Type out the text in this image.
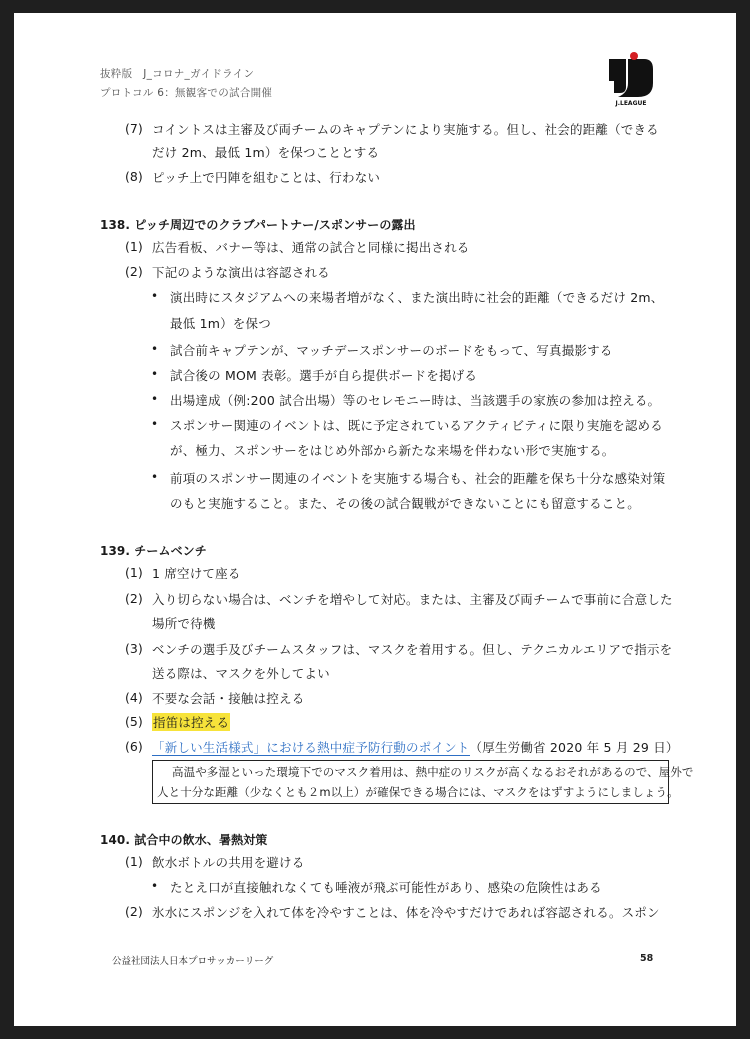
抜粋版　J_コロナ_ガイドライン
プロトコル 6：無観客での試合開催
J.LEAGUE
(7) コイントスは主審及び両チームのキャプテンにより実施する。但し、社会的距離（できる
だけ 2m、最低 1m）を保つこととする
(8) ピッチ上で円陣を組むことは、行わない
138. ピッチ周辺でのクラブパートナー/スポンサーの露出
(1) 広告看板、バナー等は、通常の試合と同様に掲出される
(2) 下記のような演出は容認される
• 演出時にスタジアムへの来場者増がなく、また演出時に社会的距離（できるだけ 2m、
最低 1m）を保つ
• 試合前キャプテンが、マッチデースポンサーのボードをもって、写真撮影する
• 試合後の MOM 表彰。選手が自ら提供ボードを掲げる
• 出場達成（例:200 試合出場）等のセレモニー時は、当該選手の家族の参加は控える。
• スポンサー関連のイベントは、既に予定されているアクティビティに限り実施を認める
が、極力、スポンサーをはじめ外部から新たな来場を伴わない形で実施する。
• 前項のスポンサー関連のイベントを実施する場合も、社会的距離を保ち十分な感染対策
のもと実施すること。また、その後の試合観戦ができないことにも留意すること。
139. チームベンチ
(1) 1 席空けて座る
(2) 入り切らない場合は、ベンチを増やして対応。または、主審及び両チームで事前に合意した
場所で待機
(3) ベンチの選手及びチームスタッフは、マスクを着用する。但し、テクニカルエリアで指示を
送る際は、マスクを外してよい
(4) 不要な会話・接触は控える
(5) 指笛は控える
(6) 「新しい生活様式」における熱中症予防行動のポイント（厚生労働省 2020 年 5 月 29 日）
高温や多湿といった環境下でのマスク着用は、熱中症のリスクが高くなるおそれがあるので、屋外で
人と十分な距離（少なくとも２m以上）が確保できる場合には、マスクをはずすようにしましょう。
140. 試合中の飲水、暑熱対策
(1) 飲水ボトルの共用を避ける
• たとえ口が直接触れなくても唾液が飛ぶ可能性があり、感染の危険性はある
(2) 氷水にスポンジを入れて体を冷やすことは、体を冷やすだけであれば容認される。スポン
公益社団法人日本プロサッカーリーグ	58
